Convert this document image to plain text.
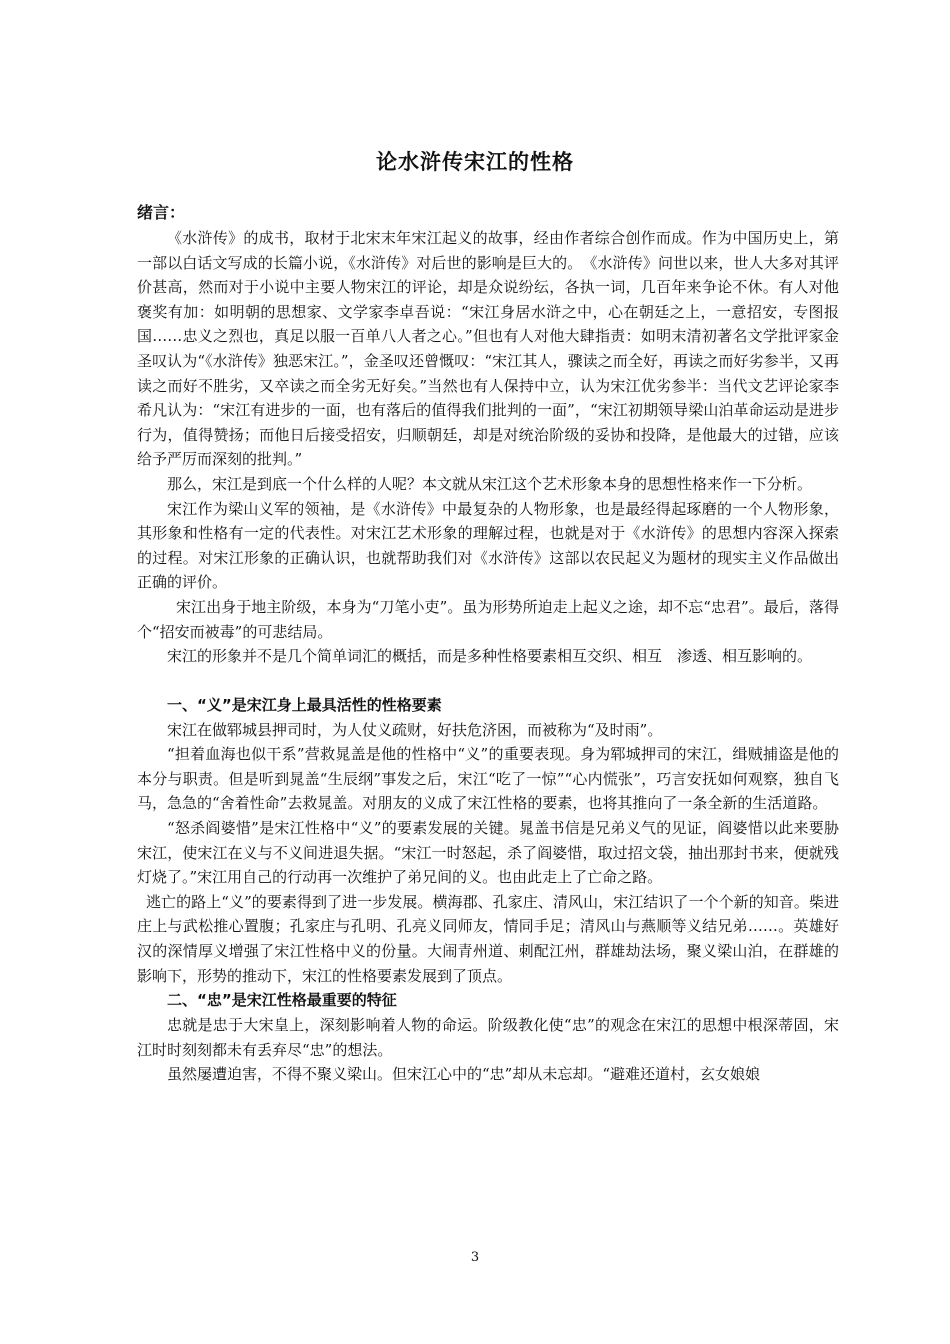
论水浒传宋江的性格

绪言：

《水浒传》的成书，取材于北宋末年宋江起义的故事，经由作者综合创作而成。作为中国历史上，第一部以白话文写成的长篇小说，《水浒传》对后世的影响是巨大的。　《水浒传》问世以来，世人大多对其评价甚高，然而对于小说中主要人物宋江的评论，却是众说纷纭，各执一词，几百年来争论不休。有人对他褒奖有加：如明朝的思想家、文学家李卓吾说：“宋江身居水浒之中，心在朝廷之上，一意招安，专图报国……忠义之烈也，真足以服一百单八人者之心。”但也有人对他大肆指责：如明末清初著名文学批评家金圣叹认为“《水浒传》独恶宋江。”，金圣叹还曾慨叹：“宋江其人，骤读之而全好，再读之而好劣参半，又再读之而好不胜劣，又卒读之而全劣无好矣。”当然也有人保持中立，认为宋江优劣参半：当代文艺评论家李希凡认为：“宋江有进步的一面，也有落后的值得我们批判的一面”，“宋江初期领导梁山泊革命运动是进步行为，值得赞扬；而他日后接受招安，归顺朝廷，却是对统治阶级的妥协和投降，是他最大的过错，应该给予严厉而深刻的批判。”

那么，宋江是到底一个什么样的人呢？本文就从宋江这个艺术形象本身的思想性格来作一下分析。

宋江作为梁山义军的领袖，是《水浒传》中最复杂的人物形象，也是最经得起琢磨的一个人物形象，其形象和性格有一定的代表性。对宋江艺术形象的理解过程，也就是对于《水浒传》的思想内容深入探索的过程。对宋江形象的正确认识，也就帮助我们对《水浒传》这部以农民起义为题材的现实主义作品做出正确的评价。

宋江出身于地主阶级，本身为“刀笔小吏”。虽为形势所迫走上起义之途，却不忘“忠君”。最后，落得个“招安而被毒”的可悲结局。

宋江的形象并不是几个简单词汇的概括，而是多种性格要素相互交织、相互　渗透、相互影响的。

一、“义”是宋江身上最具活性的性格要素

宋江在做郓城县押司时，为人仗义疏财，好扶危济困，而被称为“及时雨”。

“担着血海也似干系”营救晁盖是他的性格中“义”的重要表现。身为郓城押司的宋江，缉贼捕盗是他的本分与职责。但是听到晁盖“生辰纲”事发之后，宋江“吃了一惊”“心内慌张”，巧言安抚如何观察，独自飞马，急急的“舍着性命”去救晁盖。对朋友的义成了宋江性格的要素，也将其推向了一条全新的生活道路。

“怒杀阎婆惜”是宋江性格中“义”的要素发展的关键。晁盖书信是兄弟义气的见证，阎婆惜以此来要胁宋江，使宋江在义与不义间进退失据。“宋江一时怒起，杀了阎婆惜，取过招文袋，抽出那封书来，便就残灯烧了。”宋江用自己的行动再一次维护了弟兄间的义。也由此走上了亡命之路。

逃亡的路上“义”的要素得到了进一步发展。横海郡、孔家庄、清风山，宋江结识了一个个新的知音。柴进庄上与武松推心置腹；孔家庄与孔明、孔亮义同师友，情同手足；清风山与燕顺等义结兄弟……。英雄好汉的深情厚义增强了宋江性格中义的份量。大闹青州道、刺配江州，群雄劫法场，聚义梁山泊，在群雄的影响下，形势的推动下，宋江的性格要素发展到了顶点。

二、“忠”是宋江性格最重要的特征

忠就是忠于大宋皇上，深刻影响着人物的命运。阶级教化使“忠”的观念在宋江的思想中根深蒂固，宋江时时刻刻都未有丢弃尽“忠”的想法。

虽然屡遭迫害，不得不聚义梁山。但宋江心中的“忠”却从未忘却。“避难还道村，玄女娘娘

3
